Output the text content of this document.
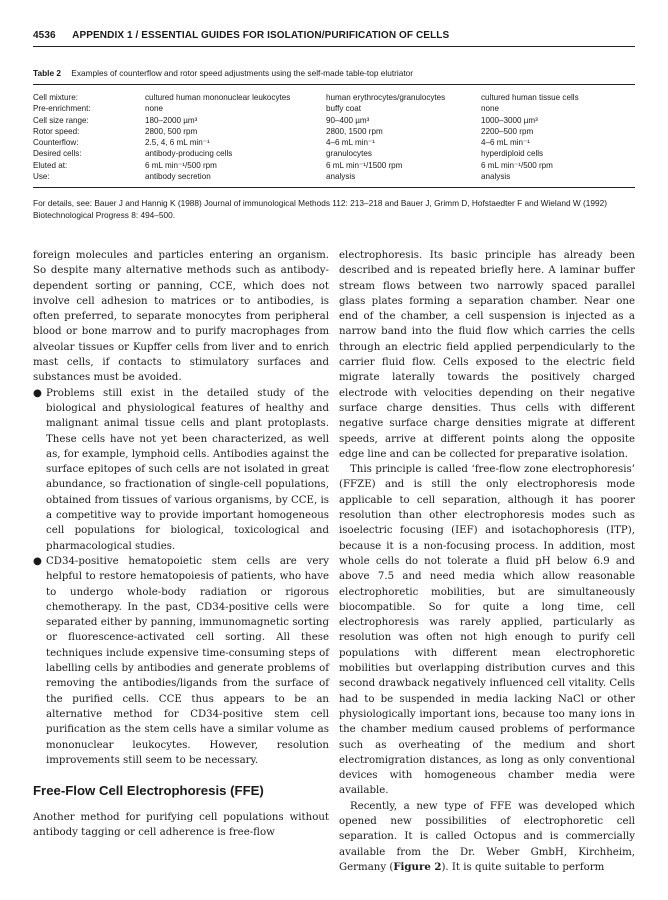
4536 APPENDIX 1 / ESSENTIAL GUIDES FOR ISOLATION/PURIFICATION OF CELLS
Table 2 Examples of counterflow and rotor speed adjustments using the self-made table-top elutriator
Cell mixture:	cultured human mononuclear leukocytes	human erythrocytes/granulocytes	cultured human tissue cells
Pre-enrichment:	none	buffy coat	none
Cell size range:	180–2000 µm³	90–400 µm³	1000–3000 µm³
Rotor speed:	2800, 500 rpm	2800, 1500 rpm	2200–500 rpm
Counterflow:	2.5, 4, 6 mL min⁻¹	4–6 mL min⁻¹	4–6 mL min⁻¹
Desired cells:	antibody-producing cells	granulocytes	hyperdiploid cells
Eluted at:	6 mL min⁻¹/500 rpm	6 mL min⁻¹/1500 rpm	6 mL min⁻¹/500 rpm
Use:	antibody secretion	analysis	analysis
For details, see: Bauer J and Hannig K (1988) Journal of immunological Methods 112: 213–218 and Bauer J, Grimm D, Hofstaedter F and Wieland W (1992) Biotechnological Progress 8: 494–500.

foreign molecules and particles entering an organism. So despite many alternative methods such as antibody-dependent sorting or panning, CCE, which does not involve cell adhesion to matrices or to antibodies, is often preferred, to separate monocytes from peripheral blood or bone marrow and to purify macrophages from alveolar tissues or Kupffer cells from liver and to enrich mast cells, if contacts to stimulatory surfaces and substances must be avoided.

● Problems still exist in the detailed study of the biological and physiological features of healthy and malignant animal tissue cells and plant protoplasts. These cells have not yet been characterized, as well as, for example, lymphoid cells. Antibodies against the surface epitopes of such cells are not isolated in great abundance, so fractionation of single-cell populations, obtained from tissues of various organisms, by CCE, is a competitive way to provide important homogeneous cell populations for biological, toxicological and pharmacological studies.

● CD34-positive hematopoietic stem cells are very helpful to restore hematopoiesis of patients, who have to undergo whole-body radiation or rigorous chemotherapy. In the past, CD34-positive cells were separated either by panning, immunomagnetic sorting or fluorescence-activated cell sorting. All these techniques include expensive time-consuming steps of labelling cells by antibodies and generate problems of removing the antibodies/ligands from the surface of the purified cells. CCE thus appears to be an alternative method for CD34-positive stem cell purification as the stem cells have a similar volume as mononuclear leukocytes. However, resolution improvements still seem to be necessary.

Free-Flow Cell Electrophoresis (FFE)

Another method for purifying cell populations without antibody tagging or cell adherence is free-flow

electrophoresis. Its basic principle has already been described and is repeated briefly here. A laminar buffer stream flows between two narrowly spaced parallel glass plates forming a separation chamber. Near one end of the chamber, a cell suspension is injected as a narrow band into the fluid flow which carries the cells through an electric field applied perpendicularly to the carrier fluid flow. Cells exposed to the electric field migrate laterally towards the positively charged electrode with velocities depending on their negative surface charge densities. Thus cells with different negative surface charge densities migrate at different speeds, arrive at different points along the opposite edge line and can be collected for preparative isolation.

This principle is called ‘free-flow zone electrophoresis’ (FFZE) and is still the only electrophoresis mode applicable to cell separation, although it has poorer resolution than other electrophoresis modes such as isoelectric focusing (IEF) and isotachophoresis (ITP), because it is a non-focusing process. In addition, most whole cells do not tolerate a fluid pH below 6.9 and above 7.5 and need media which allow reasonable electrophoretic mobilities, but are simultaneously biocompatible. So for quite a long time, cell electrophoresis was rarely applied, particularly as resolution was often not high enough to purify cell populations with different mean electrophoretic mobilities but overlapping distribution curves and this second drawback negatively influenced cell vitality. Cells had to be suspended in media lacking NaCl or other physiologically important ions, because too many ions in the chamber medium caused problems of performance such as overheating of the medium and short electromigration distances, as long as only conventional devices with homogeneous chamber media were available.

Recently, a new type of FFE was developed which opened new possibilities of electrophoretic cell separation. It is called Octopus and is commercially available from the Dr. Weber GmbH, Kirchheim, Germany (Figure 2). It is quite suitable to perform
